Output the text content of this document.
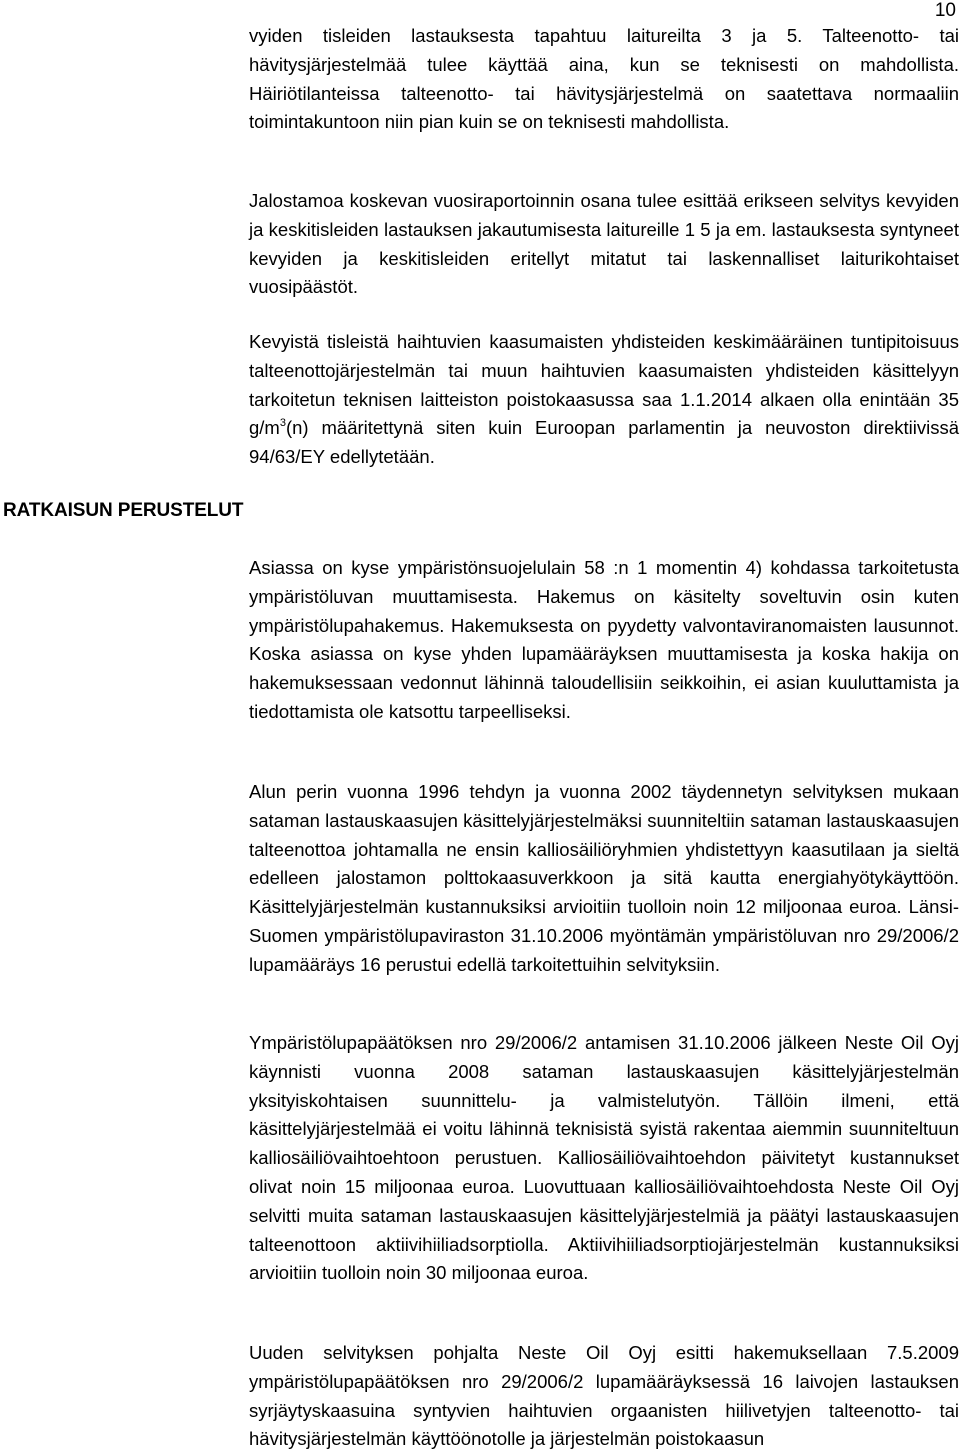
10
RATKAISUN PERUSTELUT

vyiden tisleiden lastauksesta tapahtuu laitureilta 3 ja 5. Talteenotto- tai hävitysjärjestelmää tulee käyttää aina, kun se teknisesti on mahdollista. Häiriötilanteissa talteenotto- tai hävitysjärjestelmä on saatettava normaaliin toimintakuntoon niin pian kuin se on teknisesti mahdollista.

Jalostamoa koskevan vuosiraportoinnin osana tulee esittää erikseen selvitys kevyiden ja keskitisleiden lastauksen jakautumisesta laitureille 1 5 ja em. lastauksesta syntyneet kevyiden ja keskitisleiden eritellyt mitatut tai laskennalliset laiturikohtaiset vuosipäästöt.

Kevyistä tisleistä haihtuvien kaasumaisten yhdisteiden keskimääräinen tuntipitoisuus talteenottojärjestelmän tai muun haihtuvien kaasumaisten yhdisteiden käsittelyyn tarkoitetun teknisen laitteiston poistokaasussa saa 1.1.2014 alkaen olla enintään 35 $g/m^3(n)$ määritettynä siten kuin Euroopan parlamentin ja neuvoston direktiivissä 94/63/EY edellytetään.

Asiassa on kyse ympäristönsuojelulain 58 :n 1 momentin 4) kohdassa tarkoitetusta ympäristöluvan muuttamisesta. Hakemus on käsitelty soveltuvin osin kuten ympäristölupahakemus. Hakemuksesta on pyydetty valvontaviranomaisten lausunnot. Koska asiassa on kyse yhden lupamääräyksen muuttamisesta ja koska hakija on hakemuksessaan vedonnut lähinnä taloudellisiin seikkoihin, ei asian kuuluttamista ja tiedottamista ole katsottu tarpeelliseksi.

Alun perin vuonna 1996 tehdyn ja vuonna 2002 täydennetyn selvityksen mukaan sataman lastauskaasujen käsittelyjärjestelmäksi suunniteltiin sataman lastauskaasujen talteenottoa johtamalla ne ensin kalliosäiliöryhmien yhdistettyyn kaasutilaan ja sieltä edelleen jalostamon polttokaasuverkkoon ja sitä kautta energiahyötykäyttöön. Käsittelyjärjestelmän kustannuksiksi arvioitiin tuolloin noin 12 miljoonaa euroa. Länsi-Suomen ympäristölupaviraston 31.10.2006 myöntämän ympäristöluvan nro 29/2006/2 lupamääräys 16 perustui edellä tarkoitettuihin selvityksiin.

Ympäristölupapäätöksen nro 29/2006/2 antamisen 31.10.2006 jälkeen Neste Oil Oyj käynnisti vuonna 2008 sataman lastauskaasujen käsittelyjärjestelmän yksityiskohtaisen suunnittelu- ja valmistelutyön. Tällöin ilmeni, että käsittelyjärjestelmää ei voitu lähinnä teknisistä syistä rakentaa aiemmin suunniteltuun kalliosäiliövaihtoehtoon perustuen. Kalliosäiliövaihtoehdon päivitetyt kustannukset olivat noin 15 miljoonaa euroa. Luovuttuaan kalliosäiliövaihtoehdosta Neste Oil Oyj selvitti muita sataman lastauskaasujen käsittelyjärjestelmiä ja päätyi lastauskaasujen talteenottoon aktiivihiiliadsorptiolla. Aktiivihiiliadsorptiojärjestelmän kustannuksiksi arvioitiin tuolloin noin 30 miljoonaa euroa.

Uuden selvityksen pohjalta Neste Oil Oyj esitti hakemuksellaan 7.5.2009 ympäristölupapäätöksen nro 29/2006/2 lupamääräyksessä 16 laivojen lastauksen syrjäytyskaasuina syntyvien haihtuvien orgaanisten hiilivetyjen talteenotto- tai hävitysjärjestelmän käyttöönotolle ja järjestelmän poistokaasun
